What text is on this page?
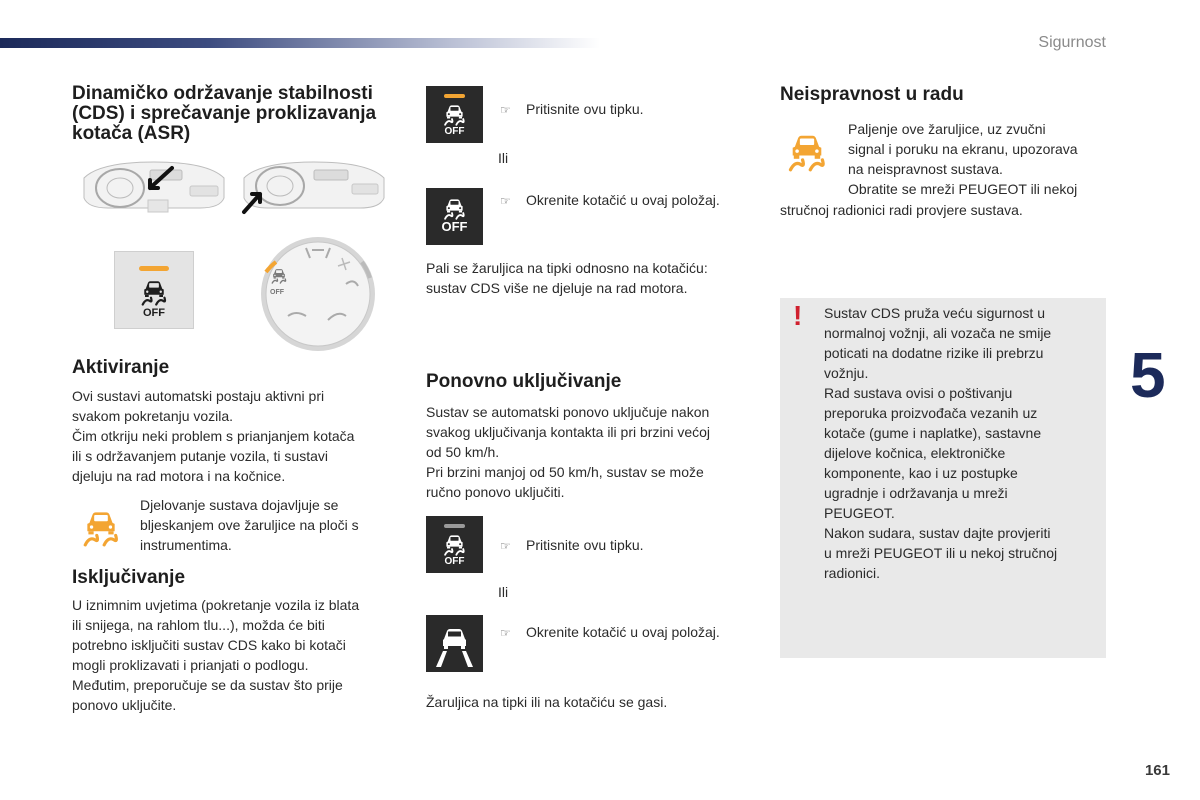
Sigurnost
Dinamičko održavanje stabilnosti
(CDS) i sprečavanje proklizavanja
kotača (ASR)
OFF
OFF
Aktiviranje
Ovi sustavi automatski postaju aktivni pri
svakom pokretanju vozila.
Čim otkriju neki problem s prianjanjem kotača
ili s održavanjem putanje vozila, ti sustavi
djeluju na rad motora i na kočnice.
Djelovanje sustava dojavljuje se
bljeskanjem ove žaruljice na ploči s
instrumentima.
Isključivanje
U iznimnim uvjetima (pokretanje vozila iz blata
ili snijega, na rahlom tlu...), možda će biti
potrebno isključiti sustav CDS kako bi kotači
mogli proklizavati i prianjati o podlogu.
Međutim, preporučuje se da sustav što prije
ponovo uključite.
OFF
☞ Pritisnite ovu tipku.
Ili
OFF
☞ Okrenite kotačić u ovaj položaj.
Pali se žaruljica na tipki odnosno na kotačiću:
sustav CDS više ne djeluje na rad motora.
Ponovno uključivanje
Sustav se automatski ponovo uključuje nakon
svakog uključivanja kontakta ili pri brzini većoj
od 50 km/h.
Pri brzini manjoj od 50 km/h, sustav se može
ručno ponovo uključiti.
OFF
☞ Pritisnite ovu tipku.
Ili
☞ Okrenite kotačić u ovaj položaj.
Žaruljica na tipki ili na kotačiću se gasi.
Neispravnost u radu
Paljenje ove žaruljice, uz zvučni
signal i poruku na ekranu, upozorava
na neispravnost sustava.
Obratite se mreži PEUGEOT ili nekoj
stručnoj radionici radi provjere sustava.
! Sustav CDS pruža veću sigurnost u
normalnoj vožnji, ali vozača ne smije
poticati na dodatne rizike ili prebrzu
vožnju.
Rad sustava ovisi o poštivanju
preporuka proizvođača vezanih uz
kotače (gume i naplatke), sastavne
dijelove kočnica, elektroničke
komponente, kao i uz postupke
ugradnje i održavanja u mreži
PEUGEOT.
Nakon sudara, sustav dajte provjeriti
u mreži PEUGEOT ili u nekoj stručnoj
radionici.
5
161
